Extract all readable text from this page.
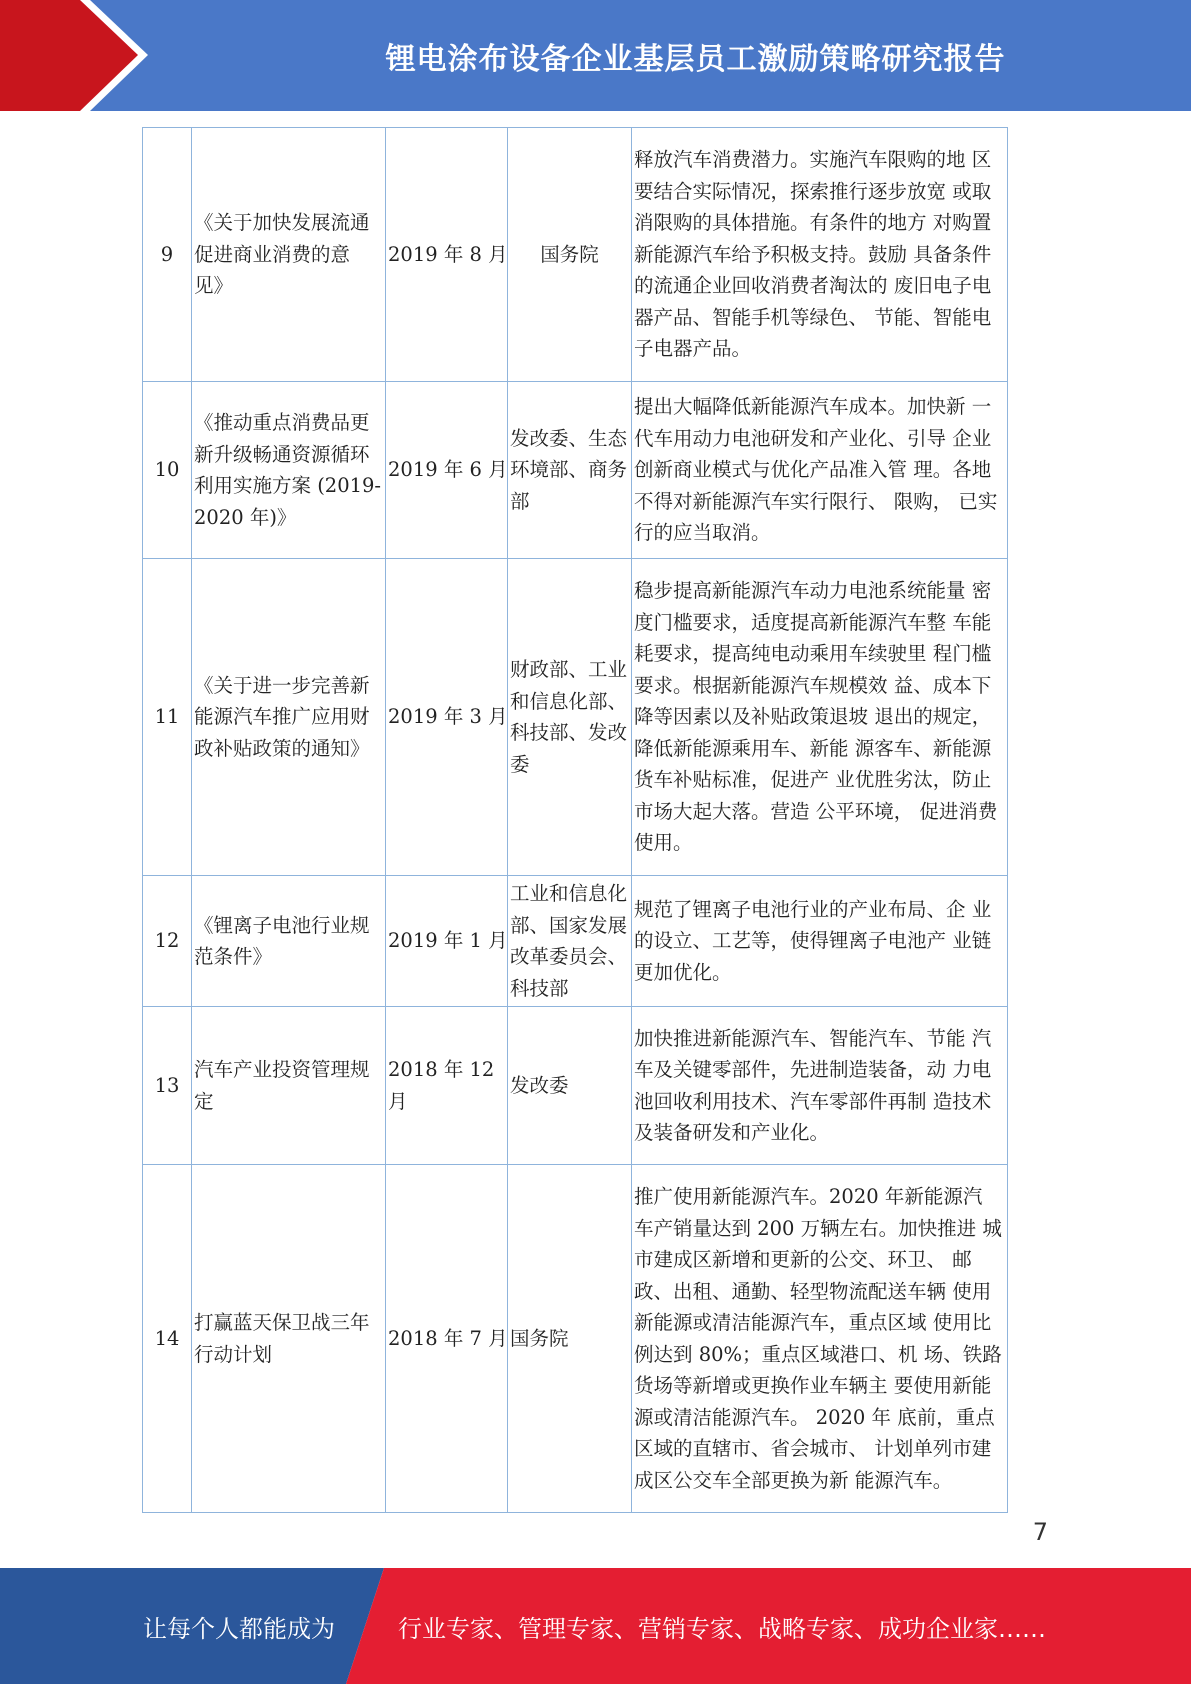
锂电涂布设备企业基层员工激励策略研究报告
9	《关于加快发展流通 促进商业消费的意 见》	2019 年 8 月	国务院	释放汽车消费潜力。实施汽车限购的地 区要结合实际情况，探索推行逐步放宽 或取消限购的具体措施。有条件的地方 对购置新能源汽车给予积极支持。鼓励 具备条件的流通企业回收消费者淘汰的 废旧电子电器产品、智能手机等绿色、 节能、智能电子电器产品。
10	《推动重点消费品更 新升级畅通资源循环利用实施方案 (2019-2020 年)》	2019 年 6 月	发改委、生态环境部、商务部	提出大幅降低新能源汽车成本。加快新 一代车用动力电池研发和产业化、引导 企业创新商业模式与优化产品准入管 理。各地不得对新能源汽车实行限行、 限购， 已实行的应当取消。
11	《关于进一步完善新 能源汽车推广应用财 政补贴政策的通知》	2019 年 3 月	财政部、工业和信息化部、科技部、发改委	稳步提高新能源汽车动力电池系统能量 密度门槛要求，适度提高新能源汽车整 车能耗要求，提高纯电动乘用车续驶里 程门槛要求。根据新能源汽车规模效 益、成本下降等因素以及补贴政策退坡 退出的规定，降低新能源乘用车、新能 源客车、新能源货车补贴标准，促进产 业优胜劣汰，防止市场大起大落。营造 公平环境， 促进消费使用。
12	《锂离子电池行业规 范条件》	2019 年 1 月	工业和信息化部、国家发展改革委员会、科技部	规范了锂离子电池行业的产业布局、企 业的设立、工艺等，使得锂离子电池产 业链更加优化。
13	汽车产业投资管理规定	2018 年 12 月	发改委	加快推进新能源汽车、智能汽车、节能 汽车及关键零部件，先进制造装备，动 力电池回收利用技术、汽车零部件再制 造技术及装备研发和产业化。
14	打赢蓝天保卫战三年 行动计划	2018 年 7 月	国务院	推广使用新能源汽车。2020 年新能源汽 车产销量达到 200 万辆左右。加快推进 城市建成区新增和更新的公交、环卫、 邮政、出租、通勤、轻型物流配送车辆 使用新能源或清洁能源汽车，重点区域 使用比例达到 80%；重点区域港口、机 场、铁路货场等新增或更换作业车辆主 要使用新能源或清洁能源汽车。 2020 年 底前，重点区域的直辖市、省会城市、 计划单列市建成区公交车全部更换为新 能源汽车。
7
让每个人都能成为	行业专家、管理专家、营销专家、战略专家、成功企业家……
